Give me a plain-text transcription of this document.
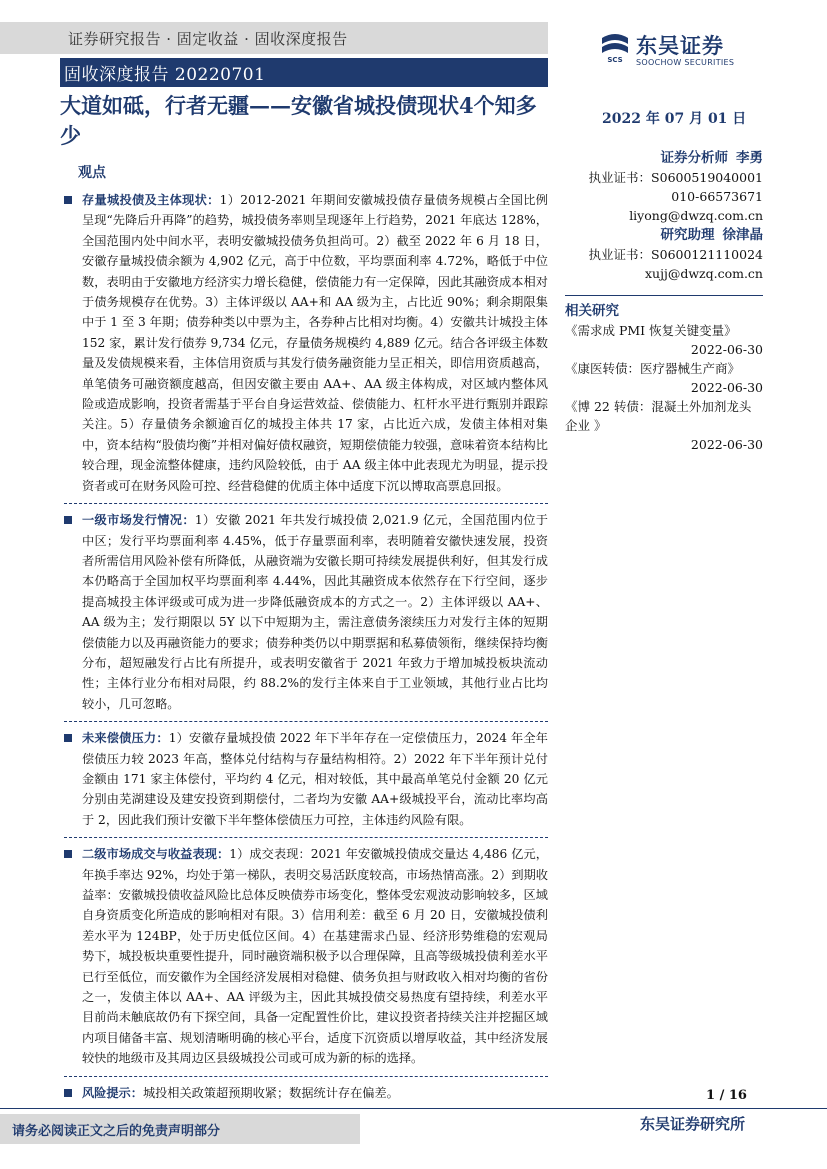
证券研究报告 · 固定收益 · 固收深度报告
固收深度报告 20220701
SCS
东吴证券
SOOCHOW SECURITIES
大道如砥，行者无疆——安徽省城投债现状4个知多少
2022 年 07 月 01 日
证券分析师 李勇
执业证书：S0600519040001
010-66573671
liyong@dwzq.com.cn
研究助理 徐津晶
执业证书：S0600121110024
xujj@dwzq.com.cn
相关研究
《需求成 PMI 恢复关键变量》
2022-06-30
《康医转债：医疗器械生产商》
2022-06-30
《博 22 转债：混凝土外加剂龙头企业 》
2022-06-30
观点
存量城投债及主体现状：1）2012-2021 年期间安徽城投债存量债务规模占全国比例呈现“先降后升再降”的趋势，城投债务率则呈现逐年上行趋势，2021 年底达 128%，全国范围内处中间水平，表明安徽城投债务负担尚可。2）截至 2022 年 6 月 18 日，安徽存量城投债余额为 4,902 亿元，高于中位数，平均票面利率 4.72%，略低于中位数，表明由于安徽地方经济实力增长稳健，偿债能力有一定保障，因此其融资成本相对于债务规模存在优势。3）主体评级以 AA+和 AA 级为主，占比近 90%；剩余期限集中于 1 至 3 年期；债券种类以中票为主，各券种占比相对均衡。4）安徽共计城投主体 152 家，累计发行债券 9,734 亿元，存量债务规模约 4,889 亿元。结合各评级主体数量及发债规模来看，主体信用资质与其发行债务融资能力呈正相关，即信用资质越高，单笔债务可融资额度越高，但因安徽主要由 AA+、AA 级主体构成，对区域内整体风险或造成影响，投资者需基于平台自身运营效益、偿债能力、杠杆水平进行甄别并跟踪关注。5）存量债务余额逾百亿的城投主体共 17 家，占比近六成，发债主体相对集中，资本结构“股债均衡”并相对偏好债权融资，短期偿债能力较强，意味着资本结构比较合理，现金流整体健康，违约风险较低，由于 AA 级主体中此表现尤为明显，提示投资者或可在财务风险可控、经营稳健的优质主体中适度下沉以博取高票息回报。
一级市场发行情况：1）安徽 2021 年共发行城投债 2,021.9 亿元，全国范围内位于中区；发行平均票面利率 4.45%，低于存量票面利率，表明随着安徽快速发展，投资者所需信用风险补偿有所降低，从融资端为安徽长期可持续发展提供利好，但其发行成本仍略高于全国加权平均票面利率 4.44%，因此其融资成本依然存在下行空间，逐步提高城投主体评级或可成为进一步降低融资成本的方式之一。2）主体评级以 AA+、AA 级为主；发行期限以 5Y 以下中短期为主，需注意债务滚续压力对发行主体的短期偿债能力以及再融资能力的要求；债券种类仍以中期票据和私募债领衔，继续保持均衡分布，超短融发行占比有所提升，或表明安徽省于 2021 年致力于增加城投板块流动性；主体行业分布相对局限，约 88.2%的发行主体来自于工业领域，其他行业占比均较小，几可忽略。
未来偿债压力：1）安徽存量城投债 2022 年下半年存在一定偿债压力，2024 年全年偿债压力较 2023 年高，整体兑付结构与存量结构相符。2）2022 年下半年预计兑付金额由 171 家主体偿付，平均约 4 亿元，相对较低，其中最高单笔兑付金额 20 亿元分别由芜湖建设及建安投资到期偿付，二者均为安徽 AA+级城投平台，流动比率均高于 2，因此我们预计安徽下半年整体偿债压力可控，主体违约风险有限。
二级市场成交与收益表现：1）成交表现：2021 年安徽城投债成交量达 4,486 亿元，年换手率达 92%，均处于第一梯队，表明交易活跃度较高，市场热情高涨。2）到期收益率：安徽城投债收益风险比总体反映债券市场变化，整体受宏观波动影响较多，区域自身资质变化所造成的影响相对有限。3）信用利差：截至 6 月 20 日，安徽城投债利差水平为 124BP，处于历史低位区间。4）在基建需求凸显、经济形势维稳的宏观局势下，城投板块重要性提升，同时融资端积极予以合理保障，且高等级城投债利差水平已行至低位，而安徽作为全国经济发展相对稳健、债务负担与财政收入相对均衡的省份之一，发债主体以 AA+、AA 评级为主，因此其城投债交易热度有望持续，利差水平目前尚未触底故仍有下探空间，具备一定配置性价比，建议投资者持续关注并挖掘区域内项目储备丰富、规划清晰明确的核心平台，适度下沉资质以增厚收益，其中经济发展较快的地级市及其周边区县级城投公司或可成为新的标的选择。
风险提示：城投相关政策超预期收紧；数据统计存在偏差。	1 / 16
请务必阅读正文之后的免责声明部分	东吴证券研究所
